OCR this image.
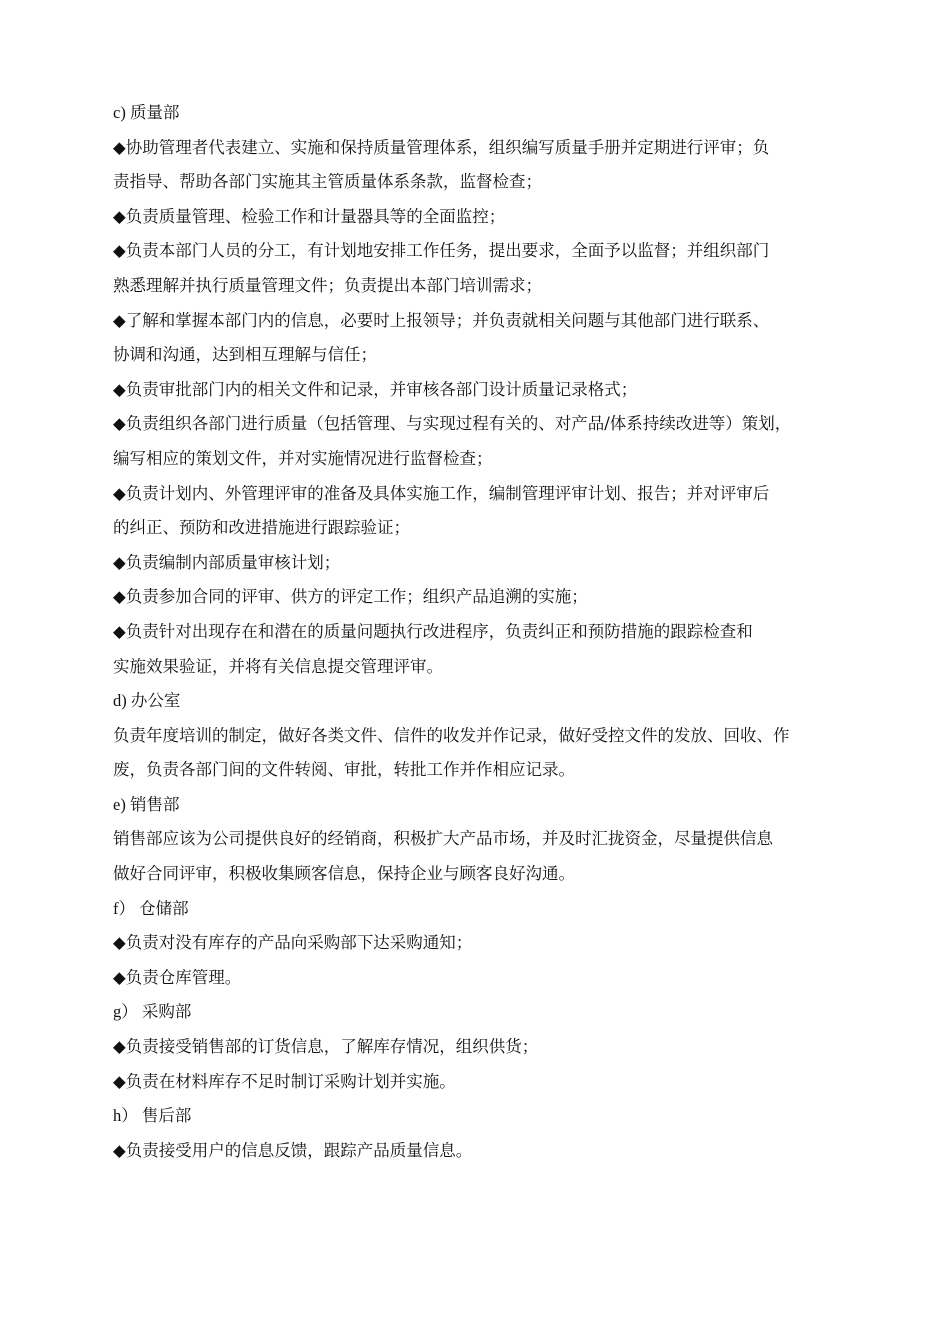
c) 质量部
◆协助管理者代表建立、实施和保持质量管理体系，组织编写质量手册并定期进行评审；负
责指导、帮助各部门实施其主管质量体系条款，监督检查；
◆负责质量管理、检验工作和计量器具等的全面监控；
◆负责本部门人员的分工，有计划地安排工作任务，提出要求，全面予以监督；并组织部门
熟悉理解并执行质量管理文件；负责提出本部门培训需求；
◆了解和掌握本部门内的信息，必要时上报领导；并负责就相关问题与其他部门进行联系、
协调和沟通，达到相互理解与信任；
◆负责审批部门内的相关文件和记录，并审核各部门设计质量记录格式；
◆负责组织各部门进行质量（包括管理、与实现过程有关的、对产品/体系持续改进等）策划，
编写相应的策划文件，并对实施情况进行监督检查；
◆负责计划内、外管理评审的准备及具体实施工作，编制管理评审计划、报告；并对评审后
的纠正、预防和改进措施进行跟踪验证；
◆负责编制内部质量审核计划；
◆负责参加合同的评审、供方的评定工作；组织产品追溯的实施；
◆负责针对出现存在和潜在的质量问题执行改进程序，负责纠正和预防措施的跟踪检查和
实施效果验证，并将有关信息提交管理评审。
d) 办公室
负责年度培训的制定，做好各类文件、信件的收发并作记录，做好受控文件的发放、回收、作
废，负责各部门间的文件转阅、审批，转批工作并作相应记录。
e) 销售部
销售部应该为公司提供良好的经销商，积极扩大产品市场，并及时汇拢资金，尽量提供信息
做好合同评审，积极收集顾客信息，保持企业与顾客良好沟通。
f） 仓储部
◆负责对没有库存的产品向采购部下达采购通知；
◆负责仓库管理。
g） 采购部
◆负责接受销售部的订货信息，了解库存情况，组织供货；
◆负责在材料库存不足时制订采购计划并实施。
h） 售后部
◆负责接受用户的信息反馈，跟踪产品质量信息。
